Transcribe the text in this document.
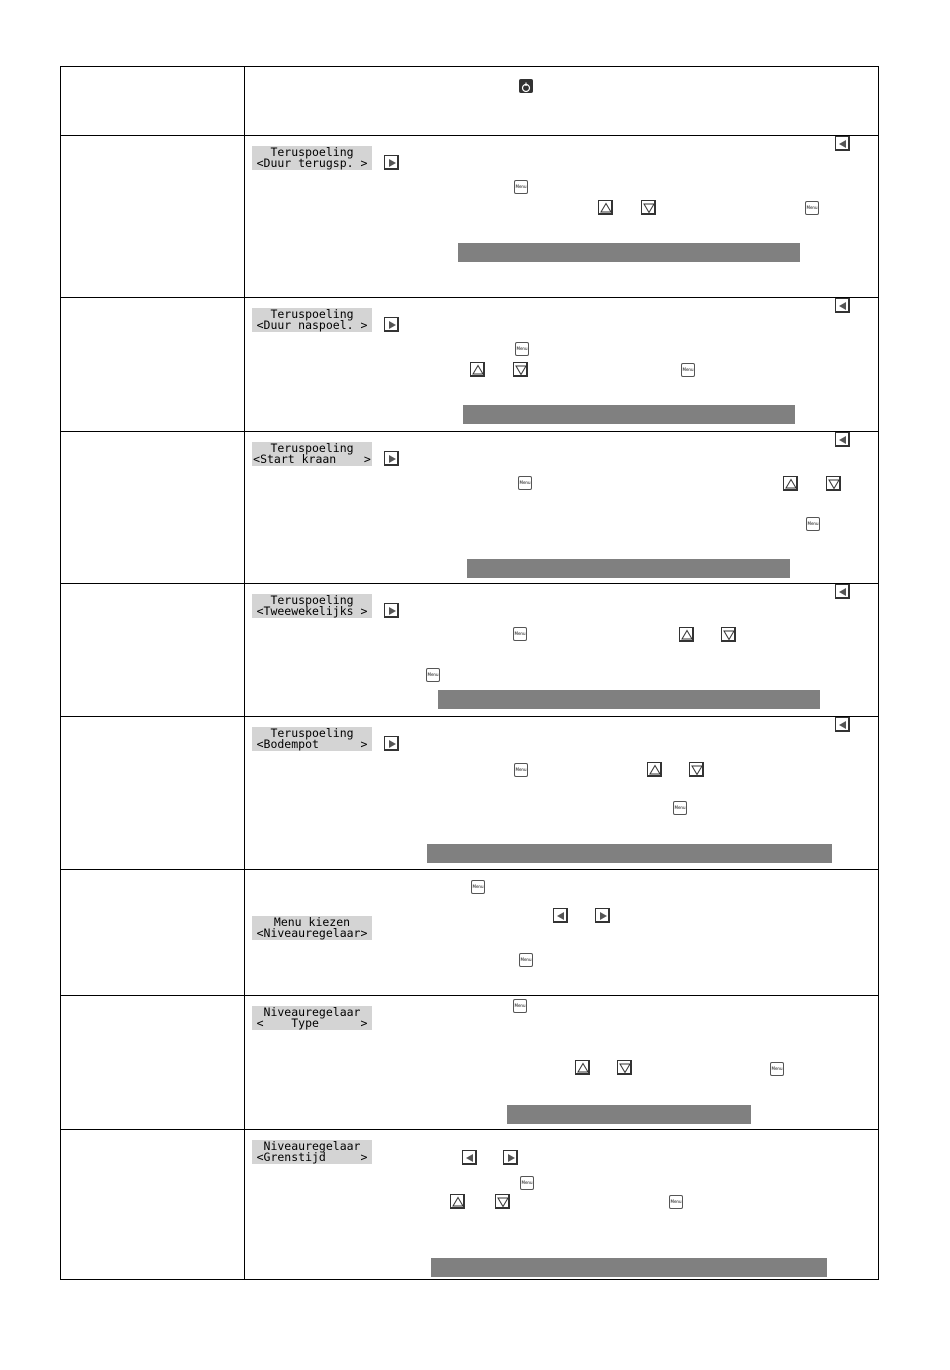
Teruspoeling
<Duur terugsp. >
Menu
Menu
Teruspoeling
<Duur naspoel. >
Menu
Menu
Teruspoeling
<Start kraan    >
Menu
Menu
Teruspoeling
<Tweewekelijks >
Menu
Menu
Teruspoeling
<Bodempot      >
Menu
Menu
Menu
Menu kiezen
<Niveauregelaar>
Menu
Niveauregelaar
<    Type      >
Menu
Menu
Niveauregelaar
<Grenstijd     >
Menu
Menu
